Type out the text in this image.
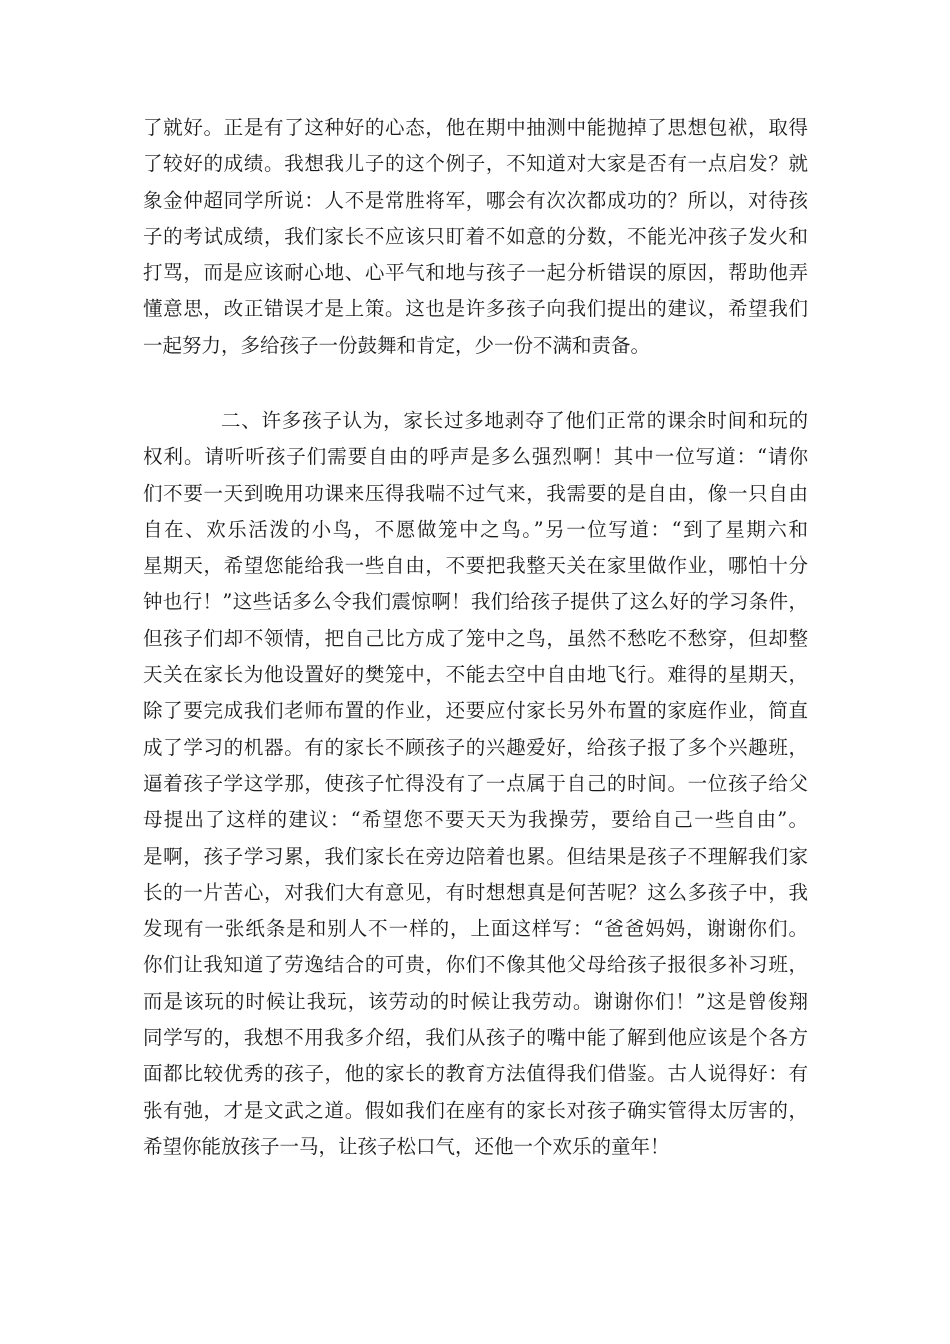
了就好。正是有了这种好的心态，他在期中抽测中能抛掉了思想包袱，取得
了较好的成绩。我想我儿子的这个例子，不知道对大家是否有一点启发？就
象金仲超同学所说：人不是常胜将军，哪会有次次都成功的？所以，对待孩
子的考试成绩，我们家长不应该只盯着不如意的分数，不能光冲孩子发火和
打骂，而是应该耐心地、心平气和地与孩子一起分析错误的原因，帮助他弄
懂意思，改正错误才是上策。这也是许多孩子向我们提出的建议，希望我们
一起努力，多给孩子一份鼓舞和肯定，少一份不满和责备。
二、许多孩子认为，家长过多地剥夺了他们正常的课余时间和玩的
权利。请听听孩子们需要自由的呼声是多么强烈啊！其中一位写道：“请你
们不要一天到晚用功课来压得我喘不过气来，我需要的是自由，像一只自由
自在、欢乐活泼的小鸟，不愿做笼中之鸟。”另一位写道：“到了星期六和
星期天，希望您能给我一些自由，不要把我整天关在家里做作业，哪怕十分
钟也行！”这些话多么令我们震惊啊！我们给孩子提供了这么好的学习条件，
但孩子们却不领情，把自己比方成了笼中之鸟，虽然不愁吃不愁穿，但却整
天关在家长为他设置好的樊笼中，不能去空中自由地飞行。难得的星期天，
除了要完成我们老师布置的作业，还要应付家长另外布置的家庭作业，简直
成了学习的机器。有的家长不顾孩子的兴趣爱好，给孩子报了多个兴趣班，
逼着孩子学这学那，使孩子忙得没有了一点属于自己的时间。一位孩子给父
母提出了这样的建议：“希望您不要天天为我操劳，要给自己一些自由”。
是啊，孩子学习累，我们家长在旁边陪着也累。但结果是孩子不理解我们家
长的一片苦心，对我们大有意见，有时想想真是何苦呢？这么多孩子中，我
发现有一张纸条是和别人不一样的，上面这样写：“爸爸妈妈，谢谢你们。
你们让我知道了劳逸结合的可贵，你们不像其他父母给孩子报很多补习班，
而是该玩的时候让我玩，该劳动的时候让我劳动。谢谢你们！”这是曾俊翔
同学写的，我想不用我多介绍，我们从孩子的嘴中能了解到他应该是个各方
面都比较优秀的孩子，他的家长的教育方法值得我们借鉴。古人说得好：有
张有弛，才是文武之道。假如我们在座有的家长对孩子确实管得太厉害的，
希望你能放孩子一马，让孩子松口气，还他一个欢乐的童年！
